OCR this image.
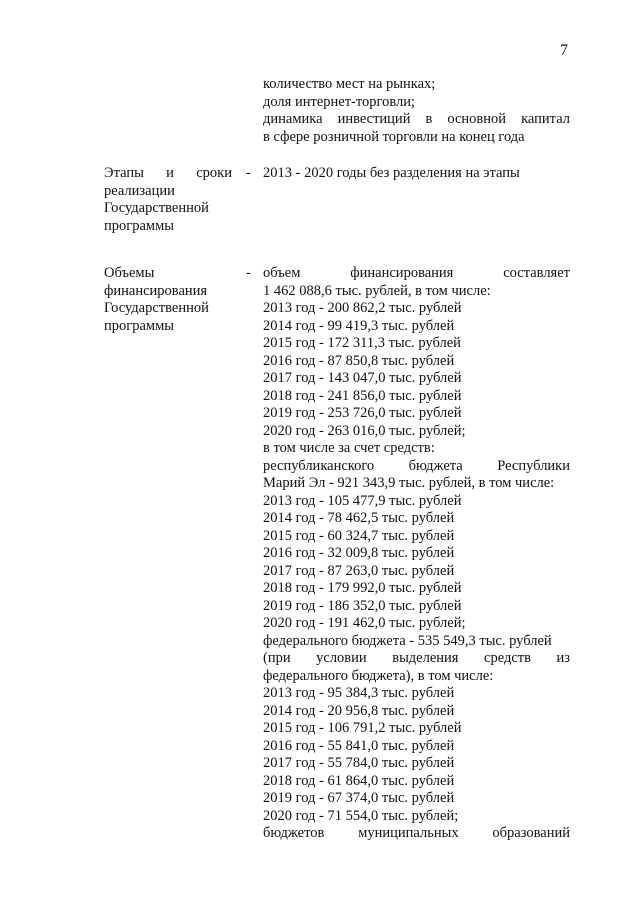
7
количество мест на рынках;
доля интернет-торговли;
динамика инвестиций в основной капитал
в сфере розничной торговли на конец года
Этапы и сроки
реализации
Государственной
программы
- 2013 - 2020 годы без разделения на этапы
Объемы
финансирования
Государственной
программы
- объем	финансирования	составляет
1 462 088,6 тыс. рублей, в том числе:
2013 год - 200 862,2 тыс. рублей
2014 год - 99 419,3 тыс. рублей
2015 год - 172 311,3 тыс. рублей
2016 год - 87 850,8 тыс. рублей
2017 год - 143 047,0 тыс. рублей
2018 год - 241 856,0 тыс. рублей
2019 год - 253 726,0 тыс. рублей
2020 год - 263 016,0 тыс. рублей;
в том числе за счет средств:
республиканского бюджета Республики
Марий Эл - 921 343,9 тыс. рублей, в том числе:
2013 год - 105 477,9 тыс. рублей
2014 год - 78 462,5 тыс. рублей
2015 год - 60 324,7 тыс. рублей
2016 год - 32 009,8 тыс. рублей
2017 год - 87 263,0 тыс. рублей
2018 год - 179 992,0 тыс. рублей
2019 год - 186 352,0 тыс. рублей
2020 год - 191 462,0 тыс. рублей;
федерального бюджета - 535 549,3 тыс. рублей
(при условии выделения средств из
федерального бюджета), в том числе:
2013 год - 95 384,3 тыс. рублей
2014 год - 20 956,8 тыс. рублей
2015 год - 106 791,2 тыс. рублей
2016 год - 55 841,0 тыс. рублей
2017 год - 55 784,0 тыс. рублей
2018 год - 61 864,0 тыс. рублей
2019 год - 67 374,0 тыс. рублей
2020 год - 71 554,0 тыс. рублей;
бюджетов муниципальных образований
